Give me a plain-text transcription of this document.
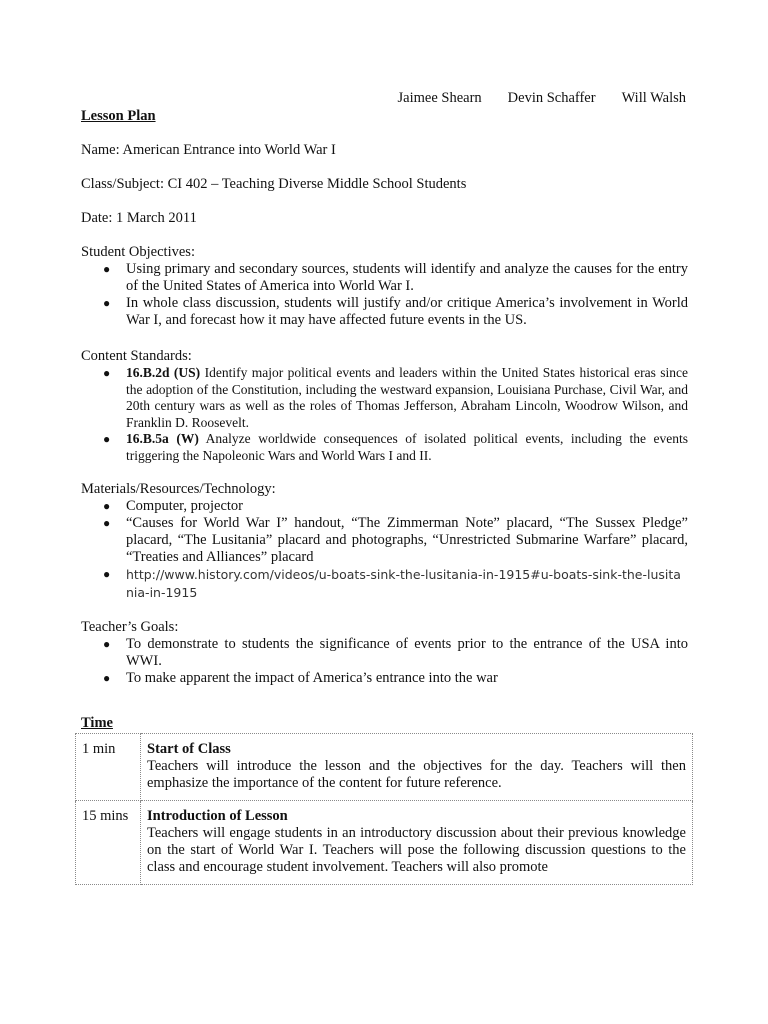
Jaimee Shearn Devin Schaffer Will Walsh

Lesson Plan

Name: American Entrance into World War I

Class/Subject: CI 402 – Teaching Diverse Middle School Students

Date: 1 March 2011

Student Objectives:

● Using primary and secondary sources, students will identify and analyze the causes for the entry of the United States of America into World War I.
● In whole class discussion, students will justify and/or critique America’s involvement in World War I, and forecast how it may have affected future events in the US.

Content Standards:

● 16.B.2d (US) Identify major political events and leaders within the United States historical eras since the adoption of the Constitution, including the westward expansion, Louisiana Purchase, Civil War, and 20th century wars as well as the roles of Thomas Jefferson, Abraham Lincoln, Woodrow Wilson, and Franklin D. Roosevelt.
● 16.B.5a (W) Analyze worldwide consequences of isolated political events, including the events triggering the Napoleonic Wars and World Wars I and II.

Materials/Resources/Technology:

● Computer, projector
● “Causes for World War I” handout, “The Zimmerman Note” placard, “The Sussex Pledge” placard, “The Lusitania” placard and photographs, “Unrestricted Submarine Warfare” placard, “Treaties and Alliances” placard
● http://www.history.com/videos/u-boats-sink-the-lusitania-in-1915#u-boats-sink-the-lusitania-in-1915

Teacher’s Goals:

● To demonstrate to students the significance of events prior to the entrance of the USA into WWI.
● To make apparent the impact of America’s entrance into the war

Time

1 min	Start of Class
Teachers will introduce the lesson and the objectives for the day. Teachers will then emphasize the importance of the content for future reference.

15 mins	Introduction of Lesson
Teachers will engage students in an introductory discussion about their previous knowledge on the start of World War I. Teachers will pose the following discussion questions to the class and encourage student involvement. Teachers will also promote
